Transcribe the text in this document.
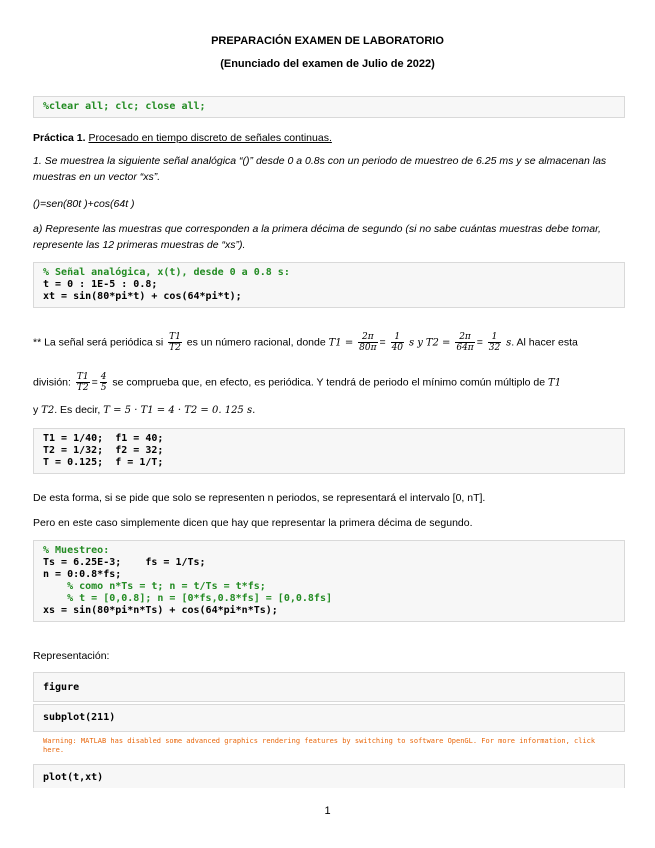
PREPARACIÓN EXAMEN DE LABORATORIO
(Enunciado del examen de Julio de 2022)
%clear all; clc; close all;

Práctica 1. Procesado en tiempo discreto de señales continuas.

1. Se muestrea la siguiente señal analógica “()” desde 0 a 0.8s con un periodo de muestreo de 6.25 ms y se almacenan las muestras en un vector “xs”.

()=sen(80t )+cos(64t )

a) Represente las muestras que corresponden a la primera décima de segundo (si no sabe cuántas muestras debe tomar, represente las 12 primeras muestras de “xs”).

% Señal analógica, x(t), desde 0 a 0.8 s:
t = 0 : 1E-5 : 0.8;
xt = sin(80*pi*t) + cos(64*pi*t);

** La señal será periódica si $\frac{T1}{T2}$ es un número racional, donde $T1 = \frac{2\pi}{80\pi} = \frac{1}{40}$ s y $T2 = \frac{2\pi}{64\pi} = \frac{1}{32} s$. Al hacer esta

división: $\frac{T1}{T2} = \frac{4}{5}$ se comprueba que, en efecto, es periódica. Y tendrá de periodo el mínimo común múltiplo de T1

y T2. Es decir, T = 5 · T1 = 4 · T2 = 0. 125 s.

T1 = 1/40;  f1 = 40;
T2 = 1/32;  f2 = 32;
T = 0.125;  f = 1/T;

De esta forma, si se pide que solo se representen n periodos, se representará el intervalo [0, nT].

Pero en este caso simplemente dicen que hay que representar la primera décima de segundo.

% Muestreo:
Ts = 6.25E-3;    fs = 1/Ts;
n = 0:0.8*fs;
% como n*Ts = t; n = t/Ts = t*fs;
% t = [0,0.8]; n = [0*fs,0.8*fs] = [0,0.8fs]
xs = sin(80*pi*n*Ts) + cos(64*pi*n*Ts);

Representación:

figure
subplot(211)
Warning: MATLAB has disabled some advanced graphics rendering features by switching to software OpenGL. For more information, click here.
plot(t,xt)
1
